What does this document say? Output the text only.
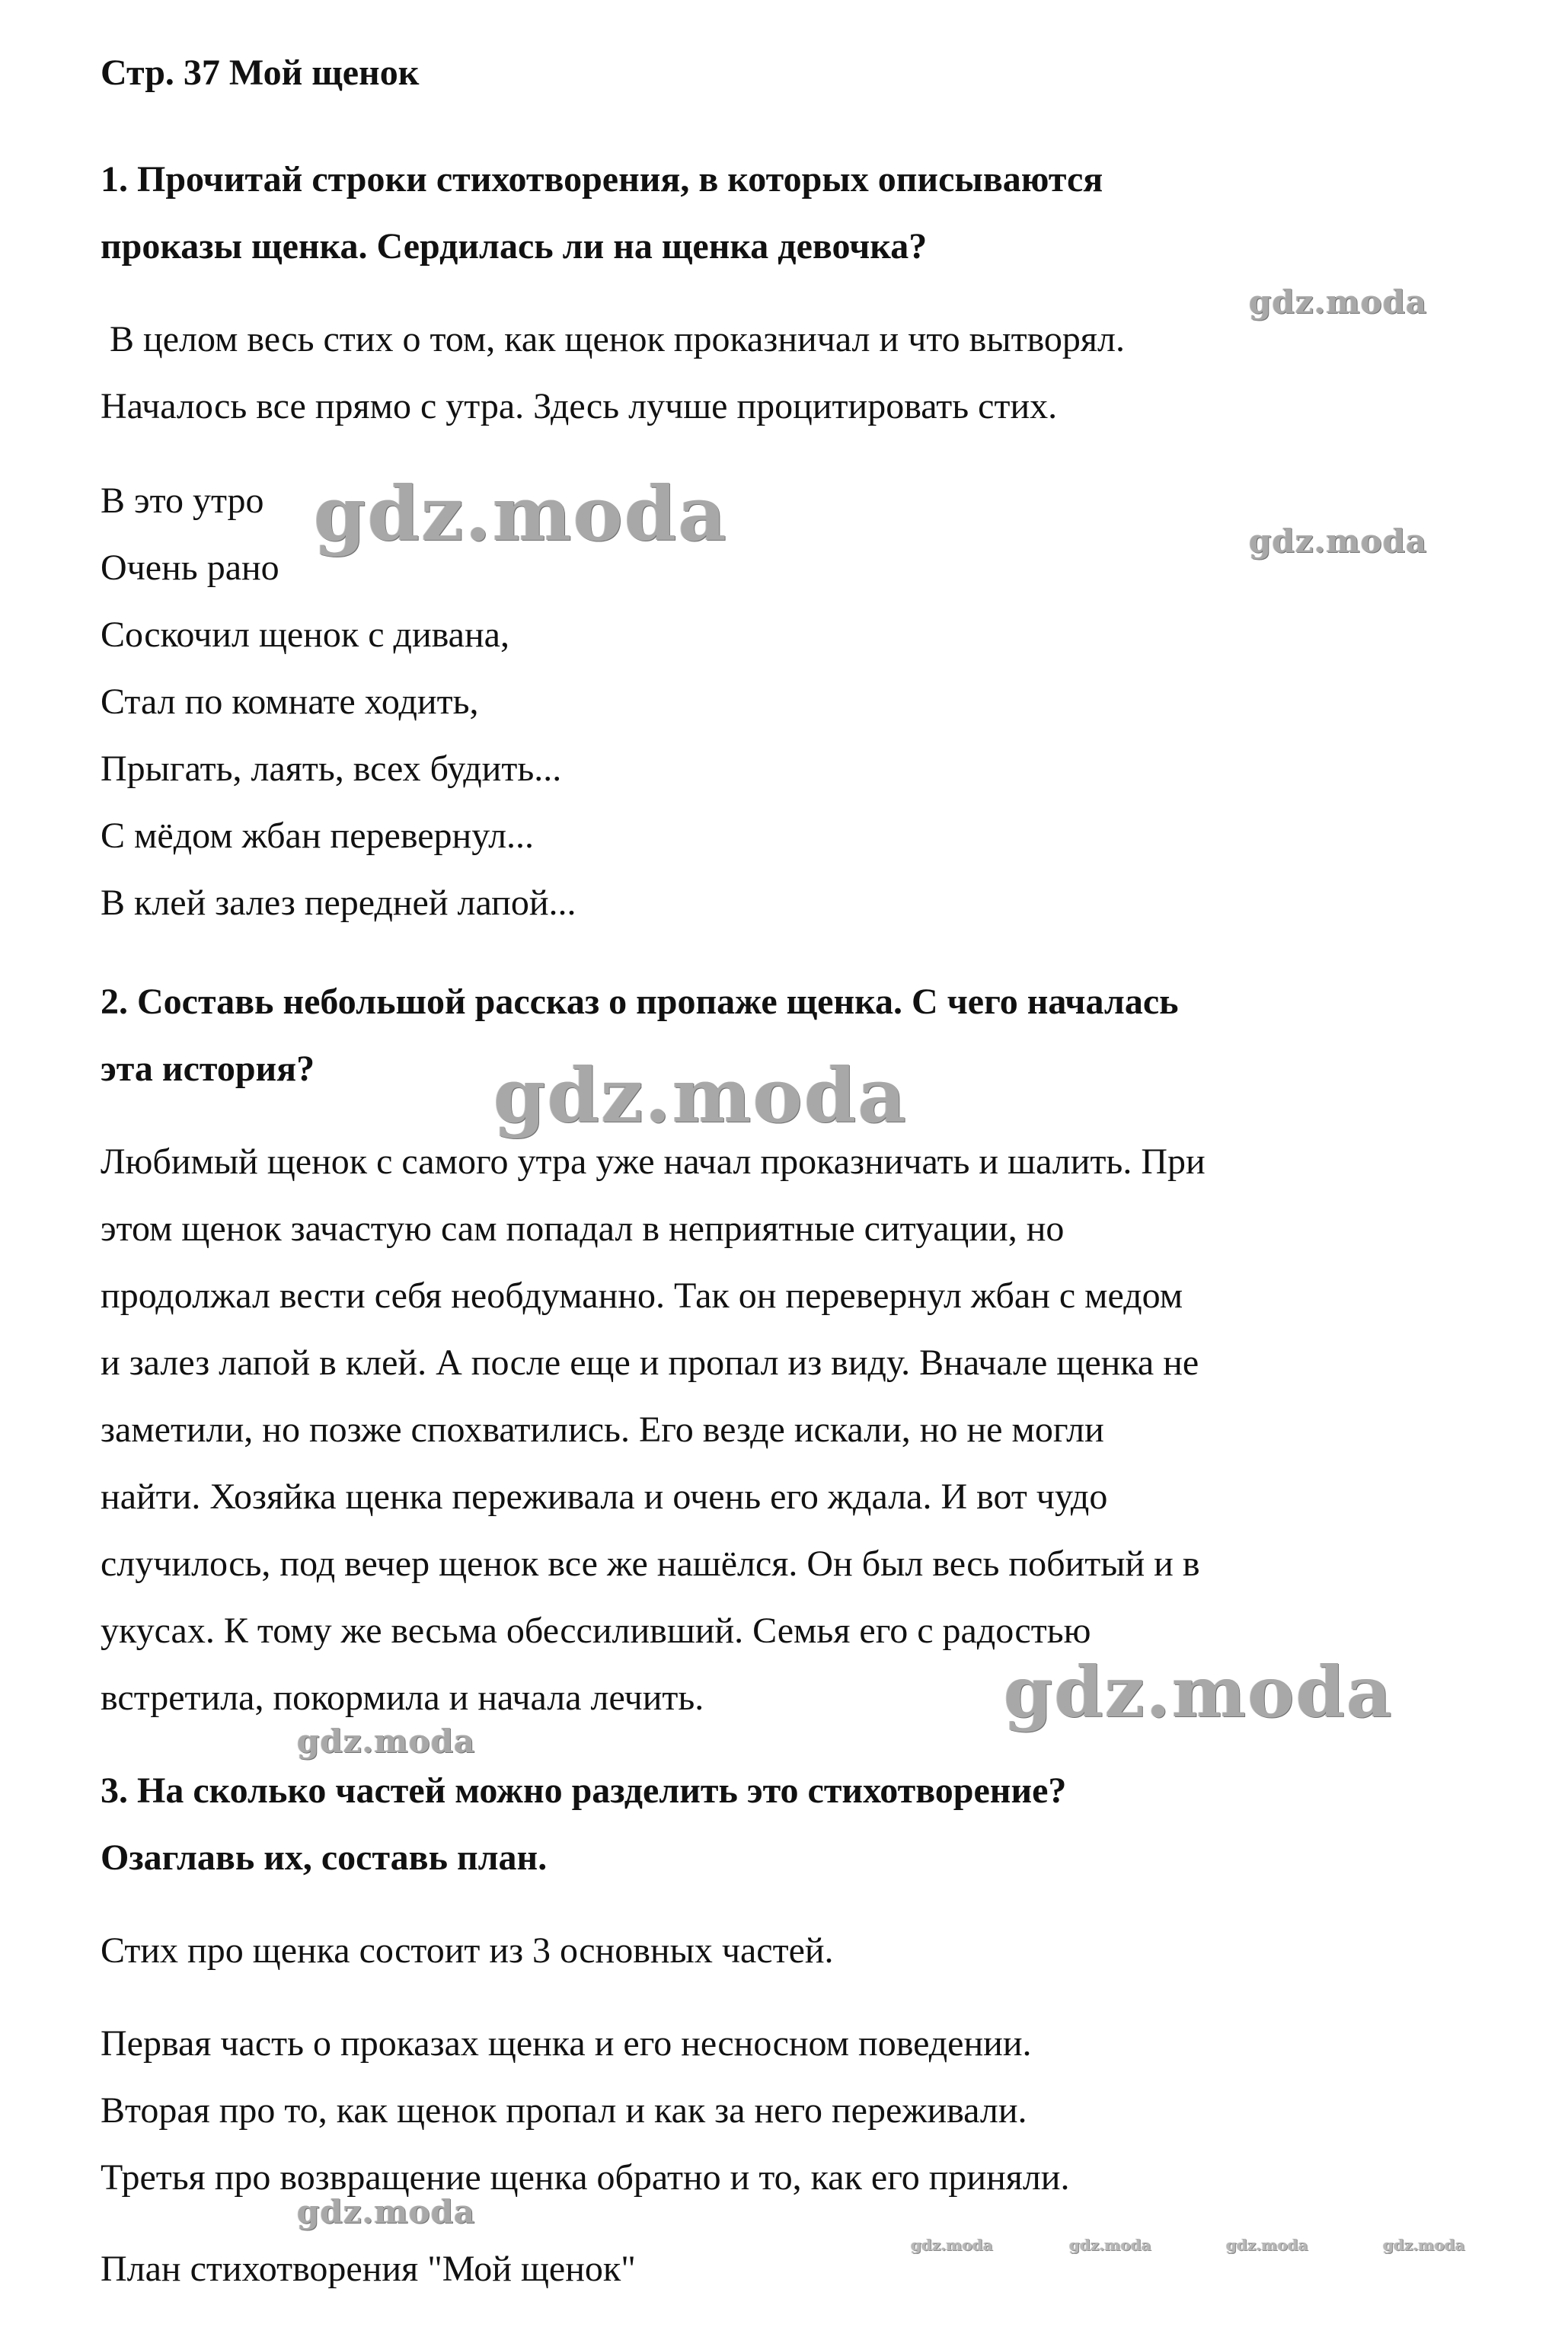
Стр. 37 Мой щенок

1. Прочитай строки стихотворения, в которых описываются

проказы щенка. Сердилась ли на щенка девочка?

В целом весь стих о том, как щенок проказничал и что вытворял.

Началось все прямо с утра. Здесь лучше процитировать стих.

В это утро

Очень рано

Соскочил щенок с дивана,

Стал по комнате ходить,

Прыгать, лаять, всех будить...

С мёдом жбан перевернул...

В клей залез передней лапой...

2. Составь небольшой рассказ о пропаже щенка. С чего началась

эта история?

Любимый щенок с самого утра уже начал проказничать и шалить. При

этом щенок зачастую сам попадал в неприятные ситуации, но

продолжал вести себя необдуманно. Так он перевернул жбан с медом

и залез лапой в клей. А после еще и пропал из виду. Вначале щенка не

заметили, но позже спохватились. Его везде искали, но не могли

найти. Хозяйка щенка переживала и очень его ждала. И вот чудо

случилось, под вечер щенок все же нашёлся. Он был весь побитый и в

укусах. К тому же весьма обессиливший. Семья его с радостью

встретила, покормила и начала лечить.

3. На сколько частей можно разделить это стихотворение?

Озаглавь их, составь план.

Стих про щенка состоит из 3 основных частей.

Первая часть о проказах щенка и его несносном поведении.

Вторая про то, как щенок пропал и как за него переживали.

Третья про возвращение щенка обратно и то, как его приняли.

План стихотворения "Мой щенок"

gdz.moda
gdz.moda	gdz.moda
gdz.moda
gdz.moda
gdz.moda
gdz.moda
gdz.moda	gdz.moda	gdz.moda	gdz.moda
